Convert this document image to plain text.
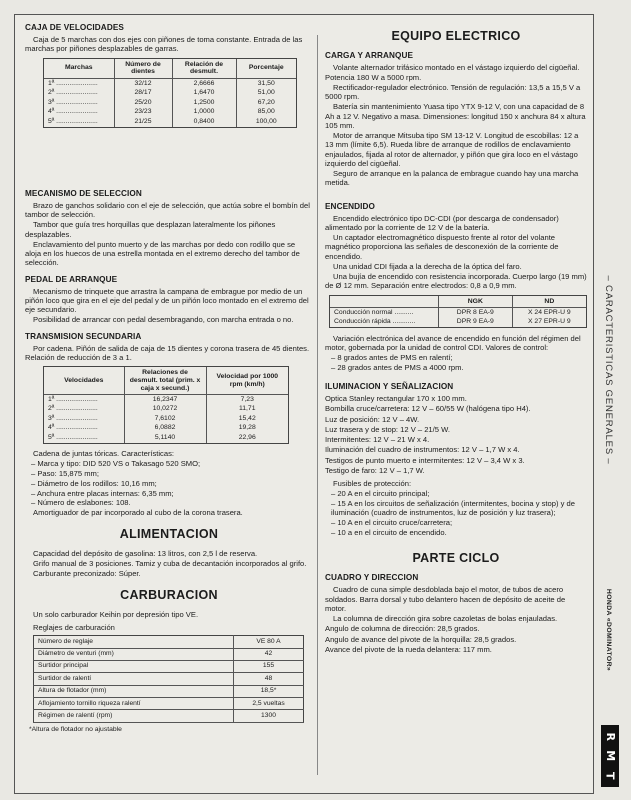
CAJA DE VELOCIDADES

Caja de 5 marchas con dos ejes con piñones de toma constante. Entrada de las marchas por piñones desplazables de garras.

Marchas	Número de dientes	Relación de desmult.	Porcentaje
1ª ......................	32/12	2,6666	31,50
2ª ......................	28/17	1,6470	51,00
3ª ......................	25/20	1,2500	67,20
4ª ......................	23/23	1,0000	85,00
5ª ......................	21/25	0,8400	100,00
MECANISMO DE SELECCION

Brazo de ganchos solidario con el eje de selección, que actúa sobre el bombín del tambor de selección.

Tambor que guía tres horquillas que desplazan lateralmente los piñones desplazables.

Enclavamiento del punto muerto y de las marchas por dedo con rodillo que se aloja en los huecos de una estrella montada en el extremo derecho del tambor de selección.

PEDAL DE ARRANQUE

Mecanismo de trinquete que arrastra la campana de embrague por medio de un piñón loco que gira en el eje del pedal y de un piñón loco montado en el extremo del eje secundario.

Posibilidad de arrancar con pedal desembragando, con marcha entrada o no.

TRANSMISION SECUNDARIA

Por cadena. Piñón de salida de caja de 15 dientes y corona trasera de 45 dientes. Relación de reducción de 3 a 1.

Velocidades	Relaciones de desmult. total (prim. x caja x secund.)	Velocidad por 1000 rpm (km/h)
1ª ......................	16,2347	7,23
2ª ......................	10,0272	11,71
3ª ......................	7,6102	15,42
4ª ......................	6,0882	19,28
5ª ......................	5,1140	22,96

Cadena de juntas tóricas. Características:

– Marca y tipo: DID 520 VS o Takasago 520 SMO;
– Paso: 15,875 mm;
– Diámetro de los rodillos: 10,16 mm;
– Anchura entre placas internas: 6,35 mm;
– Número de eslabones: 108.

Amortiguador de par incorporado al cubo de la corona trasera.

ALIMENTACION

Capacidad del depósito de gasolina: 13 litros, con 2,5 l de reserva.

Grifo manual de 3 posiciones. Tamiz y cuba de decantación incorporados al grifo.

Carburante preconizado: Súper.

CARBURACION

Un solo carburador Keihin por depresión tipo VE.

Reglajes de carburación

Número de reglaje	VE 80 A
Diámetro de venturi (mm)	42
Surtidor principal	155
Surtidor de ralentí	48
Altura de flotador (mm)	18,5*
Aflojamiento tornillo riqueza ralentí	2,5 vueltas
Régimen de ralentí (rpm)	1300
*Altura de flotador no ajustable
EQUIPO ELECTRICO
CARGA Y ARRANQUE

Volante alternador trifásico montado en el vástago izquierdo del cigüeñal. Potencia 180 W a 5000 rpm.

Rectificador-regulador electrónico. Tensión de regulación: 13,5 a 15,5 V a 5000 rpm.

Batería sin mantenimiento Yuasa tipo YTX 9-12 V, con una capacidad de 8 Ah a 12 V. Negativo a masa. Dimensiones: longitud 150 x anchura 84 x altura 105 mm.

Motor de arranque Mitsuba tipo SM 13-12 V. Longitud de escobillas: 12 a 13 mm (límite 6,5). Rueda libre de arranque de rodillos de enclavamiento enjaulados, fijada al rotor de alternador, y piñón que gira loco en el vástago izquierdo del cigüeñal.

Seguro de arranque en la palanca de embrague cuando hay una marcha metida.

ENCENDIDO

Encendido electrónico tipo DC-CDI (por descarga de condensador) alimentado por la corriente de 12 V de la batería.

Un captador electromagnético dispuesto frente al rotor del volante magnético proporciona las señales de desconexión de la corriente de encendido.

Una unidad CDI fijada a la derecha de la óptica del faro.

Una bujía de encendido con resistencia incorporada. Cuerpo largo (19 mm) de Ø 12 mm. Separación entre electrodos: 0,8 a 0,9 mm.

	NGK	ND
Conducción normal ..........	DPR 8 EA-9	X 24 EPR-U 9
Conducción rápida ............	DPR 9 EA-9	X 27 EPR-U 9

Variación electrónica del avance de encendido en función del régimen del motor, gobernada por la unidad de control CDI. Valores de control:

– 8 grados antes de PMS en ralentí;
– 28 grados antes de PMS a 4000 rpm.
ILUMINACION Y SEÑALIZACION

Optica Stanley rectangular 170 x 100 mm.

Bombilla cruce/carretera: 12 V – 60/55 W (halógena tipo H4).

Luz de posición: 12 V – 4W.

Luz trasera y de stop: 12 V – 21/5 W.

Intermitentes: 12 V – 21 W x 4.

Iluminación del cuadro de instrumentos: 12 V – 1,7 W x 4.

Testigos de punto muerto e intermitentes: 12 V – 3,4 W x 3.

Testigo de faro: 12 V – 1,7 W.

Fusibles de protección:

– 20 A en el circuito principal;
– 15 A en los circuitos de señalización (intermitentes, bocina y stop) y de iluminación (cuadro de instrumentos, luz de posición y luz trasera);
– 10 A en el circuito cruce/carretera;
– 10 a en el circuito de encendido.
PARTE CICLO
CUADRO Y DIRECCION

Cuadro de cuna simple desdoblada bajo el motor, de tubos de acero soldados. Barra dorsal y tubo delantero hacen de depósito de aceite de motor.

La columna de dirección gira sobre cazoletas de bolas enjauladas.

Angulo de columna de dirección: 28,5 grados.

Angulo de avance del pivote de la horquilla: 28,5 grados.

Avance del pivote de la rueda delantera: 117 mm.

– CARACTERISTICAS GENERALES –
HONDA «DOMINATOR»
R
M
T
